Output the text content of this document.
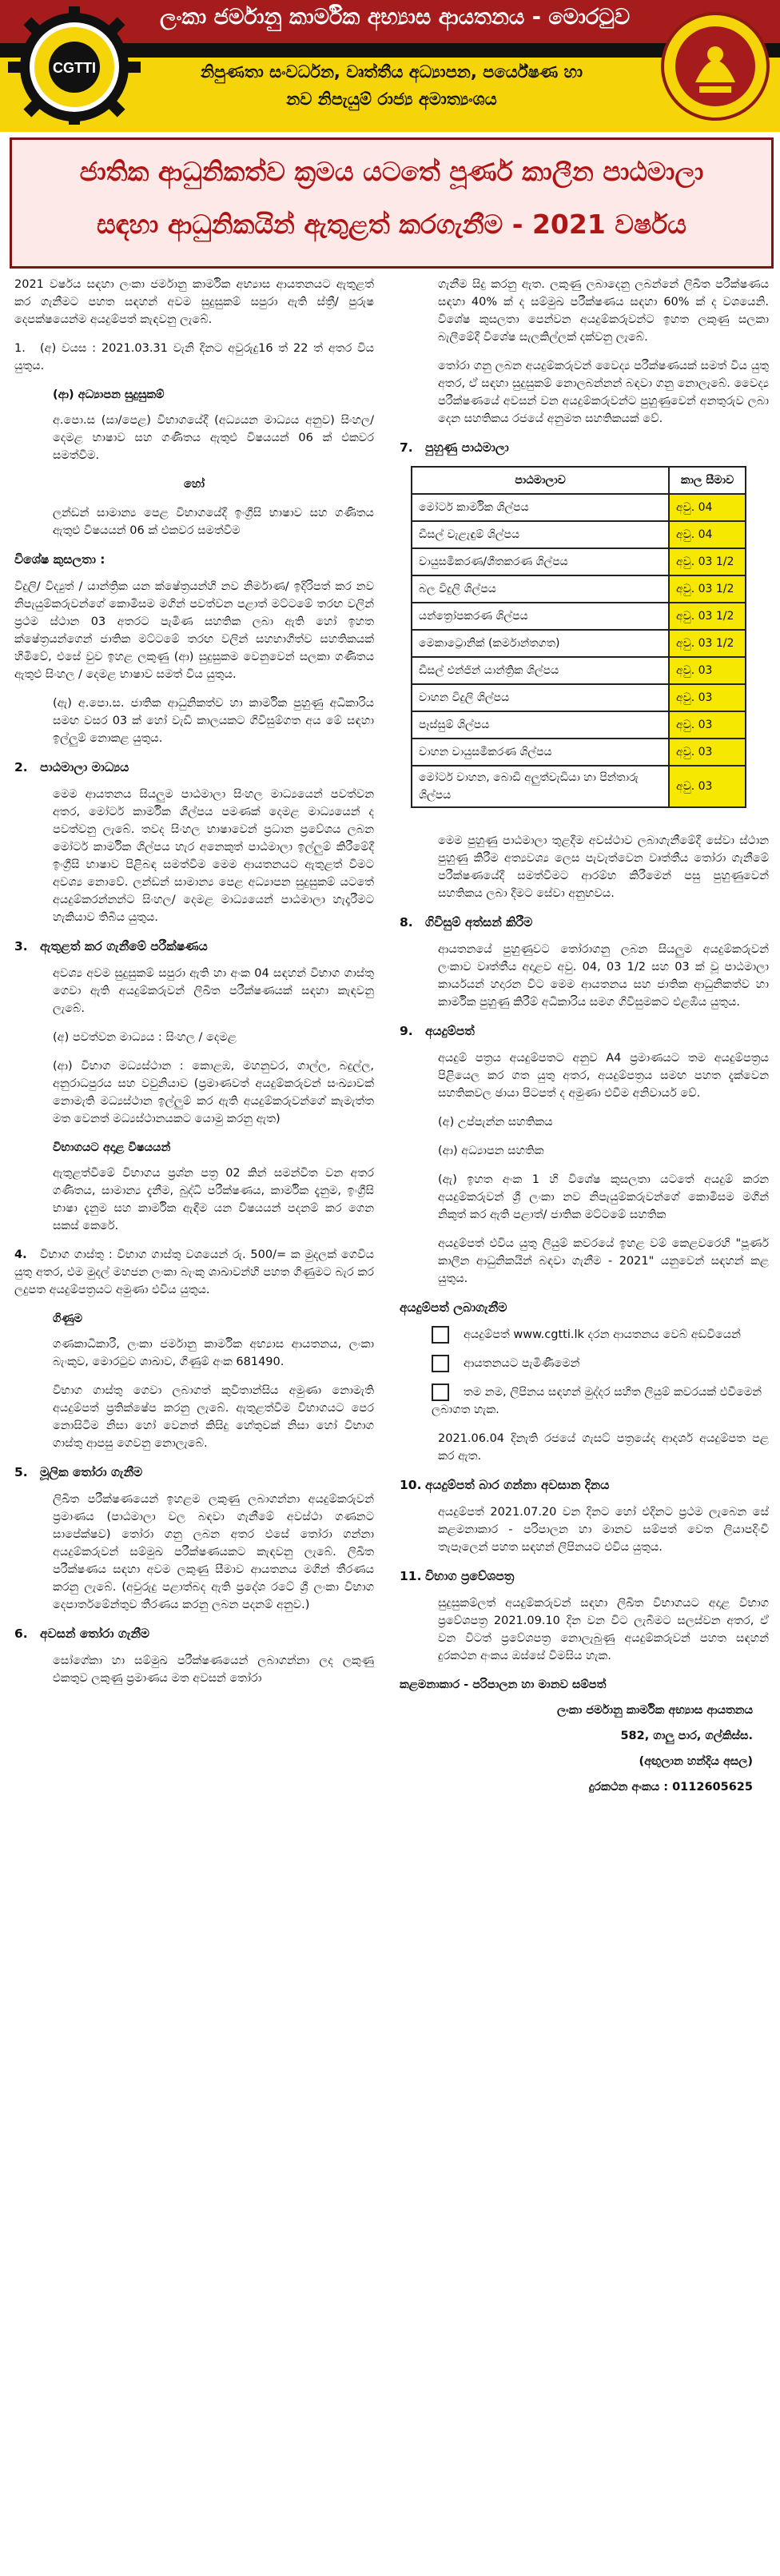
ලංකා ජර්මානු කාර්මික අභ්‍යාස ආයතනය - මොරටුව
නිපුණතා සංවර්ධන, වෘත්තීය අධ්‍යාපන, පර්යේෂණ හා
නව නිපැයුම් රාජ්‍ය අමාත්‍යංශය
CGTTI
ජාතික ආධුනිකත්ව ක්‍රමය යටතේ පූර්ණ කාලීන පාඨමාලා
සඳහා ආධුනිකයින් ඇතුළත් කරගැනීම - 2021 වර්ෂය

2021 වර්ෂය සඳහා ලංකා ජර්මානු කාර්මික අභ්‍යාස ආයතනයට ඇතුළත් කර ගැනීමට පහත සඳහන් අවම සුදුසුකම් සපුරා ඇති ස්ත්‍රී/ පුරුෂ දෙපක්ෂයෙන්ම අයදුම්පත් කැඳවනු ලැබේ.

1. (අ) වයස : 2021.03.31 වැනි දිනට අවුරුදු16 ත් 22 ත් අතර විය යුතුය.

(ආ) අධ්‍යාපන සුදුසුකම්

අ.පො.ස (සා/පෙළ) විභාගයේදී (අධ්‍යයන මාධ්‍යය අනුව) සිංහල/ දෙමළ භාෂාව සහ ගණිතය ඇතුළු විෂයයන් 06 ක් එකවර සමත්වීම.

හෝ

ලන්ඩන් සාමාන්‍ය පෙළ විභාගයේදී ඉංග්‍රීසි භාෂාව සහ ගණිතය ඇතුළු විෂයයන් 06 ක් එකවර සමත්වීම

විශේෂ කුසලතා :

විදුලි/ විද්‍යුත් / යාන්ත්‍රික යන ක්ෂේත්‍රයන්හි නව නිර්මාණ/ ඉදිරිපත් කර නව නිපැයුම්කරුවන්ගේ කොමිසම මගින් පවත්වන පළාත් මට්ටමේ තරඟ වලින් ප්‍රථම ස්ථාන 03 අතරට පැමිණ සහතික ලබා ඇති හෝ ඉහත ක්ෂේත්‍රයන්ගෙන් ජාතික මට්ටමේ තරඟ වලින් සහභාගිත්ව සහතිකයක් හිමිවේ, එසේ වුව ඉහළ ලකුණු (ආ) සුදුසුකම වෙනුවෙන් සලකා ගණිතය ඇතුළු සිංහල / දෙමළ භාෂාව සමත් විය යුතුය.

(ඇ) අ.පො.ස. ජාතික ආධුනිකත්ව හා කාර්මික පුහුණු අධිකාරිය සමඟ වසර 03 ක් හෝ වැඩි කාලයකට ගිවිසුම්ගත අය මේ සඳහා ඉල්ලුම් නොකළ යුතුය.

2. පාඨමාලා මාධ්‍යය

මෙම ආයතනය සියලුම පාඨමාලා සිංහල මාධ්‍යයෙන් පවත්වන අතර, මෝටර් කාර්මික ශිල්පය පමණක් දෙමළ මාධ්‍යයෙන් ද පවත්වනු ලැබේ. තවද සිංහල භාෂාවෙන් ප්‍රධාන ප්‍රවේශය ලබන මෝටර් කාර්මික ශිල්පය හැර අනෙකුත් පාඨමාලා ඉල්ලුම් කිරීමේදී ඉංග්‍රීසි භාෂාව පිළිබඳ සමත්වීම මෙම ආයතනයට ඇතුළත් වීමට අවශ්‍ය නොවේ. ලන්ඩන් සාමාන්‍ය පෙළ අධ්‍යාපන සුදුසුකම් යටතේ අයදුම්කරන්නන්ට සිංහල/ දෙමළ මාධ්‍යයෙන් පාඨමාලා හැදෑරීමට හැකියාව තිබිය යුතුය.

3. ඇතුළත් කර ගැනීමේ පරීක්ෂණය

අවශ්‍ය අවම සුදුසුකම් සපුරා ඇති හා අංක 04 සඳහන් විභාග ගාස්තු ගෙවා ඇති අයදුම්කරුවන් ලිඛිත පරීක්ෂණයක් සඳහා කැඳවනු ලැබේ.

(අ) පවත්වන මාධ්‍යය : සිංහල / දෙමළ

(ආ) විභාග මධ්‍යස්ථාන : කොළඹ, මහනුවර, ගාල්ල, බදුල්ල, අනුරාධපුරය සහ වවුනියාව (ප්‍රමාණවත් අයදුම්කරුවන් සංඛ්‍යාවක් නොමැති මධ්‍යස්ථාන ඉල්ලුම් කර ඇති අයදුම්කරුවන්ගේ කැමැත්ත මත වෙනත් මධ්‍යස්ථානයකට යොමු කරනු ඇත)

විභාගයට අදාළ විෂයයන්

ඇතුළත්වීමේ විභාගය ප්‍රශ්න පත්‍ර 02 කින් සමන්විත වන අතර ගණිතය, සාමාන්‍ය දැනීම, බුද්ධි පරීක්ෂණය, කාර්මික දැනුම, ඉංග්‍රීසි භාෂා දැනුම සහ කාර්මික ඇඳීම යන විෂයයන් පදනම් කර ගෙන සකස් කෙරේ.

4. විභාග ගාස්තු : විභාග ගාස්තු වශයෙන් රු. 500/= ක මුදලක් ගෙවිය යුතු අතර, එම මුදල් මහජන ලංකා බැංකු ශාඛාවන්හි පහත ගිණුමට බැර කර ලදුපත අයදුම්පත්‍රයට අමුණා එවිය යුතුය.

ගිණුම

ගණකාධිකාරී, ලංකා ජර්මානු කාර්මික අභ්‍යාස ආයතනය, ලංකා බැංකුව, මොරටුව ශාඛාව, ගිණුම් අංක 681490.

විභාග ගාස්තු ගෙවා ලබාගත් කුවිතාන්සිය අමුණා නොමැති අයදුම්පත් ප්‍රතික්ෂේප කරනු ලැබේ. ඇතුළත්වීම විභාගයට පෙර නොසිටීම නිසා හෝ වෙනත් කිසිදු හේතුවක් නිසා හෝ විභාග ගාස්තු ආපසු ගෙවනු නොලැබේ.

5. මූලික තෝරා ගැනීම

ලිඛිත පරීක්ෂණයෙන් ඉහළම ලකුණු ලබාගන්නා අයදුම්කරුවන් ප්‍රමාණය (පාඨමාලා වල බඳවා ගැනීමේ අවස්ථා ගණනට සාපේක්ෂව) තෝරා ගනු ලබන අතර එසේ තෝරා ගන්නා අයදුම්කරුවන් සම්මුඛ පරීක්ෂණයකට කැඳවනු ලැබේ. ලිඛිත පරීක්ෂණය සඳහා අවම ලකුණු සීමාව ආයතනය මගින් තීරණය කරනු ලැබේ. (අවුරුදු පළාත්බද ඇති ප්‍රදේශ රටේ ශ්‍රී ලංකා විභාග දෙපාර්තමේන්තුව තීරණය කරනු ලබන පදනම් අනුව.)

6. අවසන් තෝරා ගැනීම

සෝගේකා හා සම්මුඛ පරීක්ෂණයෙන් ලබාගන්නා ලද ලකුණු එකතුව ලකුණු ප්‍රමාණය මත අවසන් තෝරා

ගැනීම සිදු කරනු ඇත. ලකුණු ලබාදෙනු ලබන්නේ ලිඛිත පරීක්ෂණය සඳහා 40% ක් ද සම්මුඛ පරීක්ෂණය සඳහා 60% ක් ද වශයෙනි. විශේෂ කුසලතා පෙන්වන අයදුම්කරුවන්ට ඉහත ලකුණු සලකා බැලීමේදී විශේෂ සැලකිල්ලක් දක්වනු ලැබේ.

තෝරා ගනු ලබන අයදුම්කරුවන් වෛද්‍ය පරීක්ෂණයක් සමත් විය යුතු අතර, ඒ සඳහා සුදුසුකම් නොලබන්නන් බඳවා ගනු නොලැබේ. වෛද්‍ය පරීක්ෂණයේ අවසන් වන අයදුම්කරුවන්ට පුහුණුවෙන් අනතුරුව ලබා දෙන සහතිකය රජයේ අනුමත සහතිකයක් වේ.

7. පුහුණු පාඨමාලා
පාඨමාලාව	කාල සීමාව
මෝටර් කාර්මික ශිල්පය	අවු. 04
ඩීසල් වැළැඳුම් ශිල්පය	අවු. 04
වායුසමීකරණ/ශීතකරණ ශිල්පය	අවු. 03 1/2
බල විදුලි ශිල්පය	අවු. 03 1/2
යන්ත්‍රෝපකරණ ශිල්පය	අවු. 03 1/2
මෙකාට්‍රොනික් (කර්මාන්තගත)	අවු. 03 1/2
ඩීසල් එන්ජින් යාන්ත්‍රික ශිල්පය	අවු. 03
වාහන විදුලි ශිල්පය	අවු. 03
පෑස්සුම් ශිල්පය	අවු. 03
වාහන වායුසමීකරණ ශිල්පය	අවු. 03
මෝටර් වාහන, බොඩි අලුත්වැඩියා හා පින්තාරු ශිල්පය	අවු. 03

මෙම පුහුණු පාඨමාලා තුළදීම අවස්ථාව ලබාගැනීමේදී සේවා ස්ථාන පුහුණු කිරීම අත්‍යවශ්‍ය ලෙස පැවැත්වෙන වෘත්තීය තෝරා ගැනීමේ පරීක්ෂණයේදී සමත්වීමට ආරම්භ කිරීමෙන් පසු පුහුණුවෙන් සහතිකය ලබා දීමට සේවා අනුභවය.

8. ගිවිසුම් අත්සන් කිරීම

ආයතනයේ පුහුණුවට තෝරාගනු ලබන සියලුම අයදුම්කරුවන් ලංකාව වෘත්තීය අදාළව අවු. 04, 03 1/2 සහ 03 ක් වූ පාඨමාලා කාර්යයන් හදාරන විට මෙම ආයතනය සහ ජාතික ආධුනිකත්ව හා කාර්මික පුහුණු කිරීම් අධිකාරිය සමග ගිවිසුමකට එළඹිය යුතුය.

9. අයදුම්පත්

අයදුම් පත්‍රය අයදුම්පතට අනුව A4 ප්‍රමාණයට තම අයදුම්පත්‍රය පිළියෙල කර ගත යුතු අතර, අයදුම්පත්‍රය සමඟ පහත දැක්වෙන සහතිකවල ඡායා පිටපත් ද අමුණා එවීම අනිවාර්ය වේ.

(අ) උප්පැන්න සහතිකය

(ආ) අධ්‍යාපන සහතික

(ඇ) ඉහත අංක 1 හි විශේෂ කුසලතා යටතේ අයදුම් කරන අයදුම්කරුවන් ශ්‍රී ලංකා නව නිපැයුම්කරුවන්ගේ කොමිසම මගින් නිකුත් කර ඇති පළාත්/ ජාතික මට්ටමේ සහතික

අයදුම්පත් එවිය යුතු ලියුම් කවරයේ ඉහළ වම් කෙළවරෙහි "පූර්ණ කාලීන ආධුනිකයින් බඳවා ගැනීම - 2021" යනුවෙන් සඳහන් කළ යුතුය.

අයදුම්පත් ලබාගැනීම
අයදුම්පත් www.cgtti.lk දරන ආයතනය වෙබ් අඩවියෙන්
ආයතනයට පැමිණීමෙන්
තම නම, ලිපිනය සඳහන් මුද්දර සහිත ලියුම් කවරයක් එවීමෙන් ලබාගත හැක.

2021.06.04 දිනැති රජයේ ගැසට් පත්‍රයේද ආදර්ශ අයදුම්පත පළ කර ඇත.

10. අයදුම්පත් බාර ගන්නා අවසාන දිනය

අයදුම්පත් 2021.07.20 වන දිනට හෝ එදිනට ප්‍රථම ලැබෙන සේ කළමනාකාර - පරිපාලන හා මානව සම්පත් වෙත ලියාපදිංචි තැපෑලෙන් පහත සඳහන් ලිපිනයට එවිය යුතුය.

11. විභාග ප්‍රවේශපත්‍ර

සුදුසුකම්ලත් අයදුම්කරුවන් සඳහා ලිඛිත විභාගයට අදාළ විභාග ප්‍රවේශපත්‍ර 2021.09.10 දින වන විට ලැබීමට සලස්වන අතර, ඒ වන විටත් ප්‍රවේශපත්‍ර නොලැබුණු අයදුම්කරුවන් පහත සඳහන් දුරකථන අංකය ඔස්සේ විමසිය හැක.

කළමනාකාර - පරිපාලන හා මානව සම්පත්
ලංකා ජර්මානු කාර්මික අභ්‍යාස ආයතනය
582, ගාලු පාර, ගල්කිස්ස.
(අඟුලාන හන්දිය අසල)
දුරකථන අංකය : 0112605625
